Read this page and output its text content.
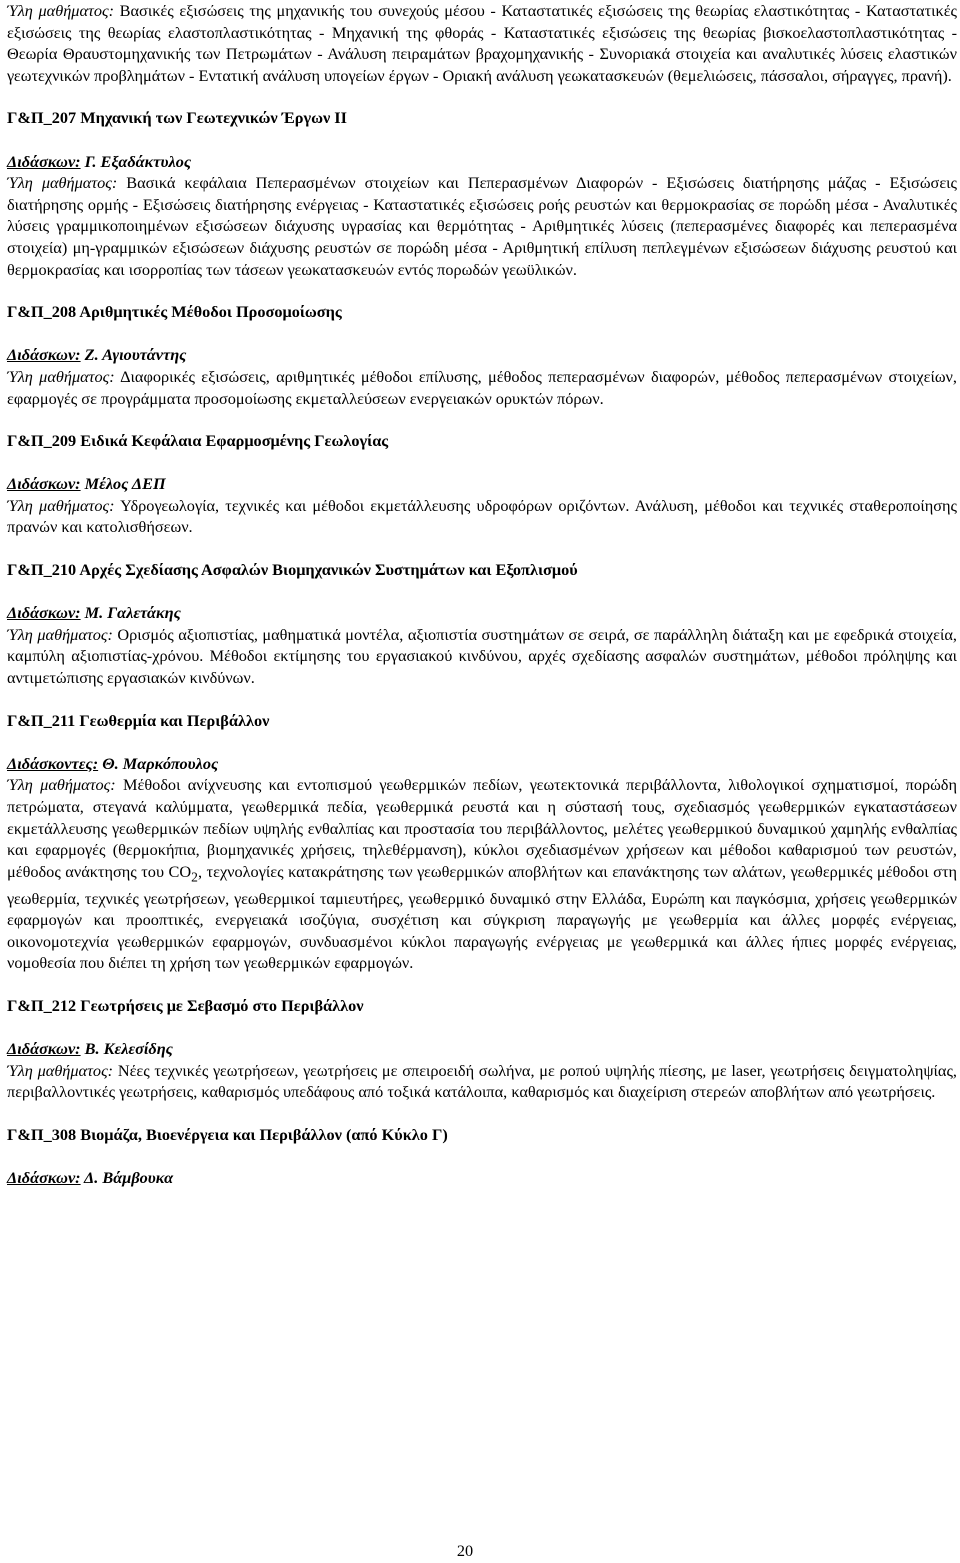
Ύλη μαθήματος: Βασικές εξισώσεις της μηχανικής του συνεχούς μέσου - Καταστατικές εξισώσεις της θεωρίας ελαστικότητας - Καταστατικές εξισώσεις της θεωρίας ελαστοπλαστικότητας - Μηχανική της φθοράς - Καταστατικές εξισώσεις της θεωρίας βισκοελαστοπλαστικότητας - Θεωρία Θραυστομηχανικής των Πετρωμάτων - Ανάλυση πειραμάτων βραχομηχανικής - Συνοριακά στοιχεία και αναλυτικές λύσεις ελαστικών γεωτεχνικών προβλημάτων - Εντατική ανάλυση υπογείων έργων - Οριακή ανάλυση γεωκατασκευών (θεμελιώσεις, πάσσαλοι, σήραγγες, πρανή).

Γ&Π_207 Μηχανική των Γεωτεχνικών Έργων ΙΙ

Διδάσκων: Γ. Εξαδάκτυλος

Ύλη μαθήματος: Βασικά κεφάλαια Πεπερασμένων στοιχείων και Πεπερασμένων Διαφορών - Εξισώσεις διατήρησης μάζας - Εξισώσεις διατήρησης ορμής - Εξισώσεις διατήρησης ενέργειας - Καταστατικές εξισώσεις ροής ρευστών και θερμοκρασίας σε πορώδη μέσα - Αναλυτικές λύσεις γραμμικοποιημένων εξισώσεων διάχυσης υγρασίας και θερμότητας - Αριθμητικές λύσεις (πεπερασμένες διαφορές και πεπερασμένα στοιχεία) μη-γραμμικών εξισώσεων διάχυσης ρευστών σε πορώδη μέσα - Αριθμητική επίλυση πεπλεγμένων εξισώσεων διάχυσης ρευστού και θερμοκρασίας και ισορροπίας των τάσεων γεωκατασκευών εντός πορωδών γεωϋλικών.

Γ&Π_208 Αριθμητικές Μέθοδοι Προσομοίωσης

Διδάσκων: Ζ. Αγιουτάντης

Ύλη μαθήματος: Διαφορικές εξισώσεις, αριθμητικές μέθοδοι επίλυσης, μέθοδος πεπερασμένων διαφορών, μέθοδος πεπερασμένων στοιχείων, εφαρμογές σε προγράμματα προσομοίωσης εκμεταλλεύσεων ενεργειακών ορυκτών πόρων.

Γ&Π_209 Ειδικά Κεφάλαια Εφαρμοσμένης Γεωλογίας

Διδάσκων: Μέλος ΔΕΠ

Ύλη μαθήματος: Υδρογεωλογία, τεχνικές και μέθοδοι εκμετάλλευσης υδροφόρων οριζόντων. Ανάλυση, μέθοδοι και τεχνικές σταθεροποίησης πρανών και κατολισθήσεων.

Γ&Π_210 Αρχές Σχεδίασης Ασφαλών Βιομηχανικών Συστημάτων και Εξοπλισμού

Διδάσκων: Μ. Γαλετάκης

Ύλη μαθήματος: Ορισμός αξιοπιστίας, μαθηματικά μοντέλα, αξιοπιστία συστημάτων σε σειρά, σε παράλληλη διάταξη και με εφεδρικά στοιχεία, καμπύλη αξιοπιστίας-χρόνου. Μέθοδοι εκτίμησης του εργασιακού κινδύνου, αρχές σχεδίασης ασφαλών συστημάτων, μέθοδοι πρόληψης και αντιμετώπισης εργασιακών κινδύνων.

Γ&Π_211 Γεωθερμία και Περιβάλλον

Διδάσκοντες: Θ. Μαρκόπουλος

Ύλη μαθήματος: Μέθοδοι ανίχνευσης και εντοπισμού γεωθερμικών πεδίων, γεωτεκτονικά περιβάλλοντα, λιθολογικοί σχηματισμοί, πορώδη πετρώματα, στεγανά καλύμματα, γεωθερμικά πεδία, γεωθερμικά ρευστά και η σύστασή τους, σχεδιασμός γεωθερμικών εγκαταστάσεων εκμετάλλευσης γεωθερμικών πεδίων υψηλής ενθαλπίας και προστασία του περιβάλλοντος, μελέτες γεωθερμικού δυναμικού χαμηλής ενθαλπίας και εφαρμογές (θερμοκήπια, βιομηχανικές χρήσεις, τηλεθέρμανση), κύκλοι σχεδιασμένων χρήσεων και μέθοδοι καθαρισμού των ρευστών, μέθοδος ανάκτησης του $CO_2$, τεχνολογίες κατακράτησης των γεωθερμικών αποβλήτων και επανάκτησης των αλάτων, γεωθερμικές μέθοδοι στη γεωθερμία, τεχνικές γεωτρήσεων, γεωθερμικοί ταμιευτήρες, γεωθερμικό δυναμικό στην Ελλάδα, Ευρώπη και παγκόσμια, χρήσεις γεωθερμικών εφαρμογών και προοπτικές, ενεργειακά ισοζύγια, συσχέτιση και σύγκριση παραγωγής με γεωθερμία και άλλες μορφές ενέργειας, οικονομοτεχνία γεωθερμικών εφαρμογών, συνδυασμένοι κύκλοι παραγωγής ενέργειας με γεωθερμικά και άλλες ήπιες μορφές ενέργειας, νομοθεσία που διέπει τη χρήση των γεωθερμικών εφαρμογών.

Γ&Π_212 Γεωτρήσεις με Σεβασμό στο Περιβάλλον

Διδάσκων: Β. Κελεσίδης

Ύλη μαθήματος: Νέες τεχνικές γεωτρήσεων, γεωτρήσεις με σπειροειδή σωλήνα, με ροπού υψηλής πίεσης, με laser, γεωτρήσεις δειγματοληψίας, περιβαλλοντικές γεωτρήσεις, καθαρισμός υπεδάφους από τοξικά κατάλοιπα, καθαρισμός και διαχείριση στερεών αποβλήτων από γεωτρήσεις.

Γ&Π_308 Βιομάζα, Βιοενέργεια και Περιβάλλον (από Κύκλο Γ)

Διδάσκων: Δ. Βάμβουκα

20
